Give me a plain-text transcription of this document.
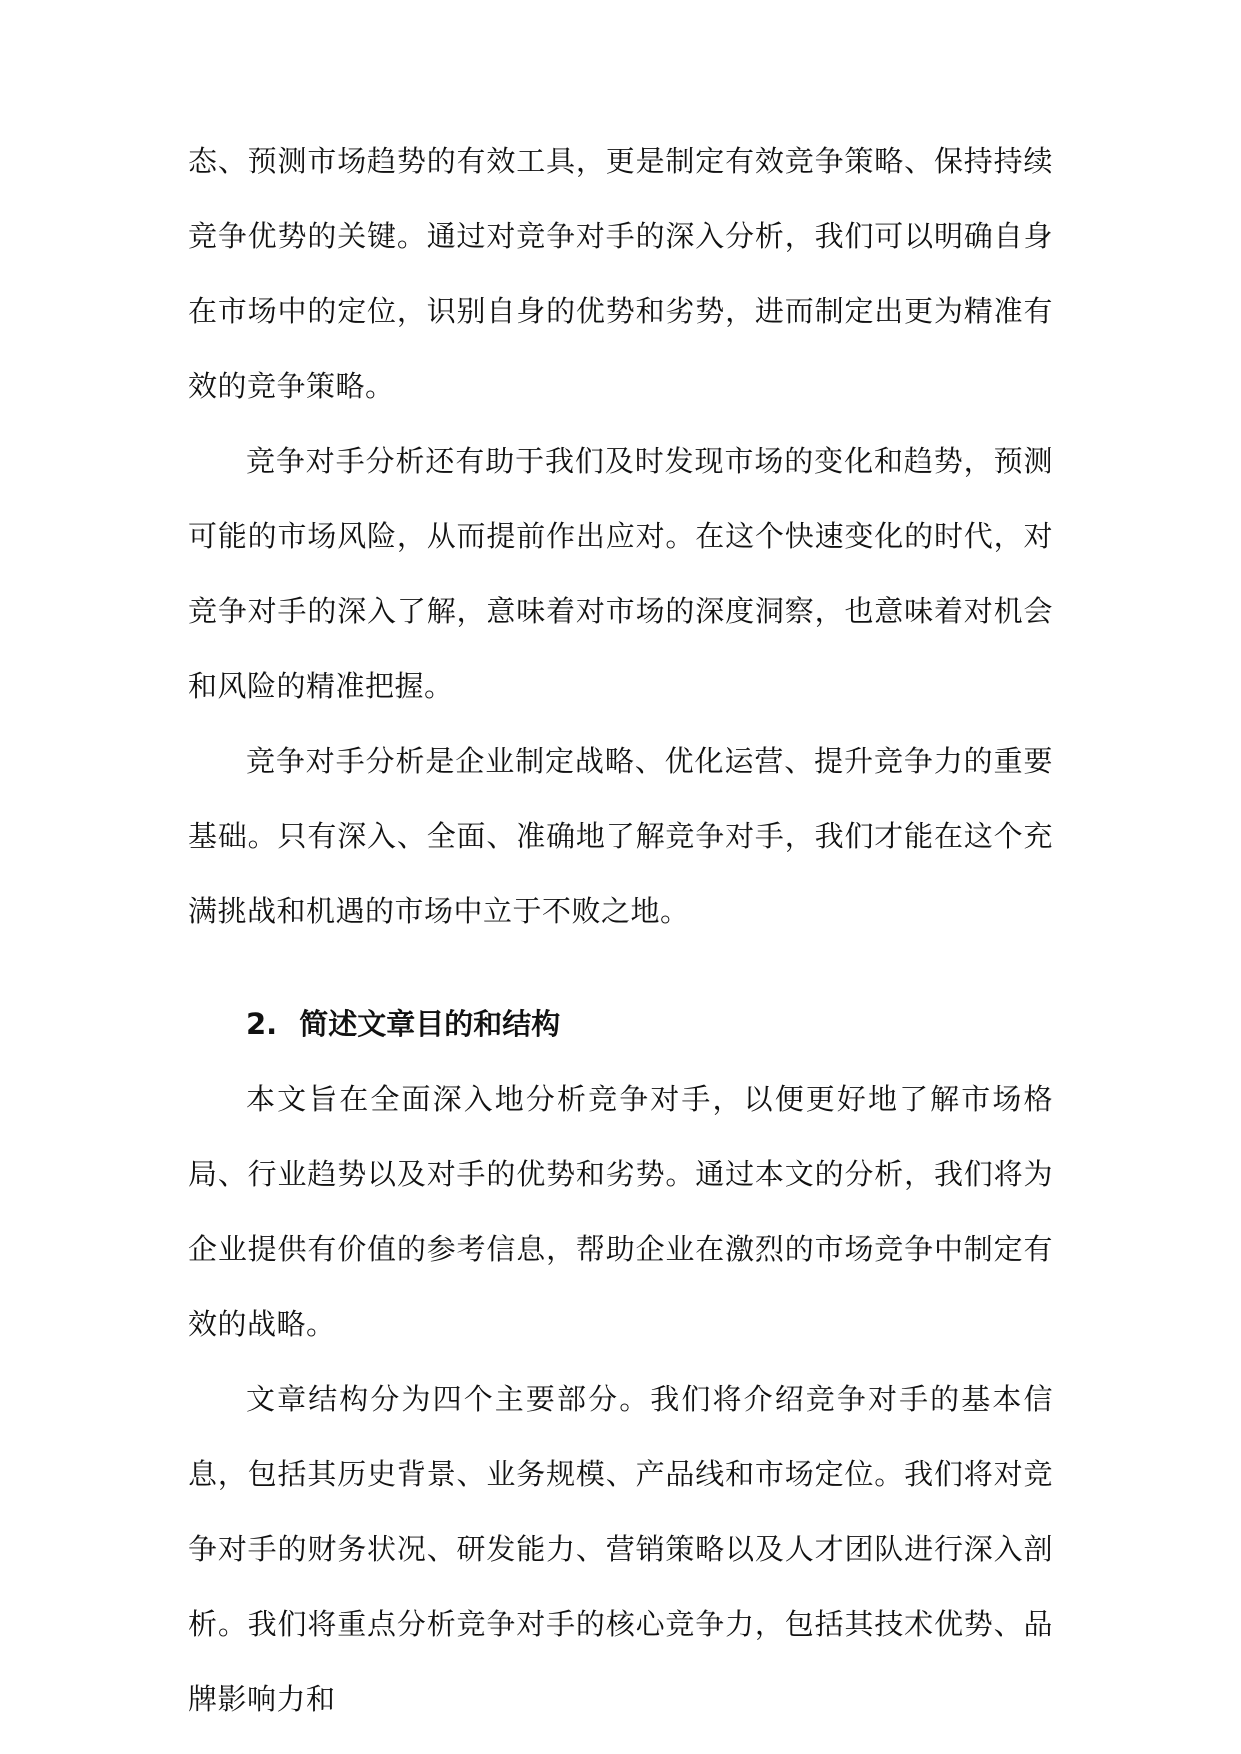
态、预测市场趋势的有效工具，更是制定有效竞争策略、保持持续竞争优势的关键。通过对竞争对手的深入分析，我们可以明确自身在市场中的定位，识别自身的优势和劣势，进而制定出更为精准有效的竞争策略。

竞争对手分析还有助于我们及时发现市场的变化和趋势，预测可能的市场风险，从而提前作出应对。在这个快速变化的时代，对竞争对手的深入了解，意味着对市场的深度洞察，也意味着对机会和风险的精准把握。

竞争对手分析是企业制定战略、优化运营、提升竞争力的重要基础。只有深入、全面、准确地了解竞争对手，我们才能在这个充满挑战和机遇的市场中立于不败之地。

2. 简述文章目的和结构

本文旨在全面深入地分析竞争对手，以便更好地了解市场格局、行业趋势以及对手的优势和劣势。通过本文的分析，我们将为企业提供有价值的参考信息，帮助企业在激烈的市场竞争中制定有效的战略。

文章结构分为四个主要部分。我们将介绍竞争对手的基本信息，包括其历史背景、业务规模、产品线和市场定位。我们将对竞争对手的财务状况、研发能力、营销策略以及人才团队进行深入剖析。我们将重点分析竞争对手的核心竞争力，包括其技术优势、品牌影响力和
